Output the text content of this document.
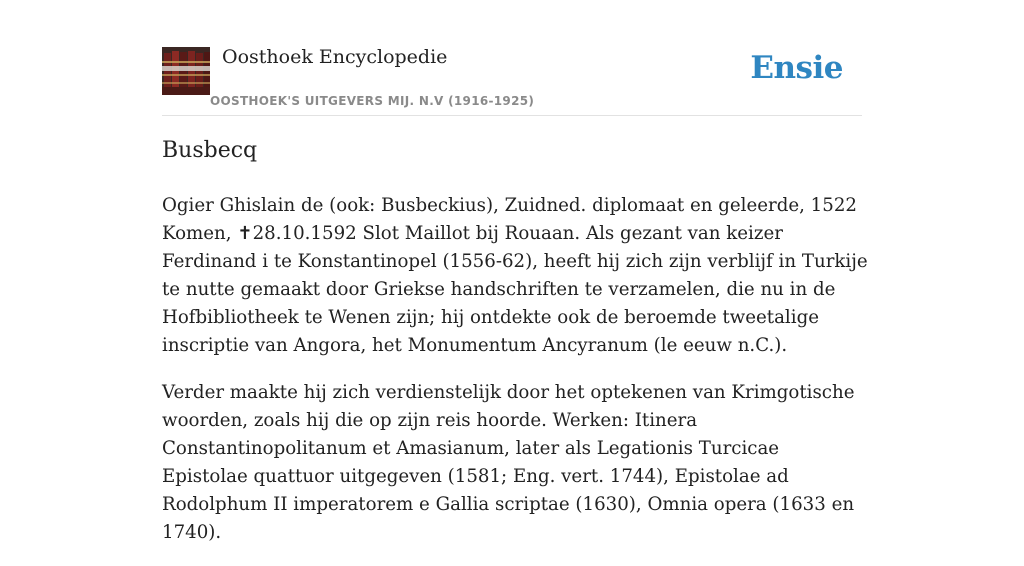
Oosthoek Encyclopedie
OOSTHOEK'S UITGEVERS MIJ. N.V (1916-1925)
Ensie
Busbecq

Ogier Ghislain de (ook: Busbeckius), Zuidned. diplomaat en geleerde, 1522 Komen, ✝28.10.1592 Slot Maillot bij Rouaan. Als gezant van keizer Ferdinand i te Konstantinopel (1556-62), heeft hij zich zijn verblijf in Turkije te nutte gemaakt door Griekse handschriften te verzamelen, die nu in de Hofbibliotheek te Wenen zijn; hij ontdekte ook de beroemde tweetalige inscriptie van Angora, het Monumentum Ancyranum (le eeuw n.C.).

Verder maakte hij zich verdienstelijk door het optekenen van Krimgotische woorden, zoals hij die op zijn reis hoorde. Werken: Itinera Constantinopolitanum et Amasianum, later als Legationis Turcicae Epistolae quattuor uitgegeven (1581; Eng. vert. 1744), Epistolae ad Rodolphum II imperatorem e Gallia scriptae (1630), Omnia opera (1633 en 1740).
